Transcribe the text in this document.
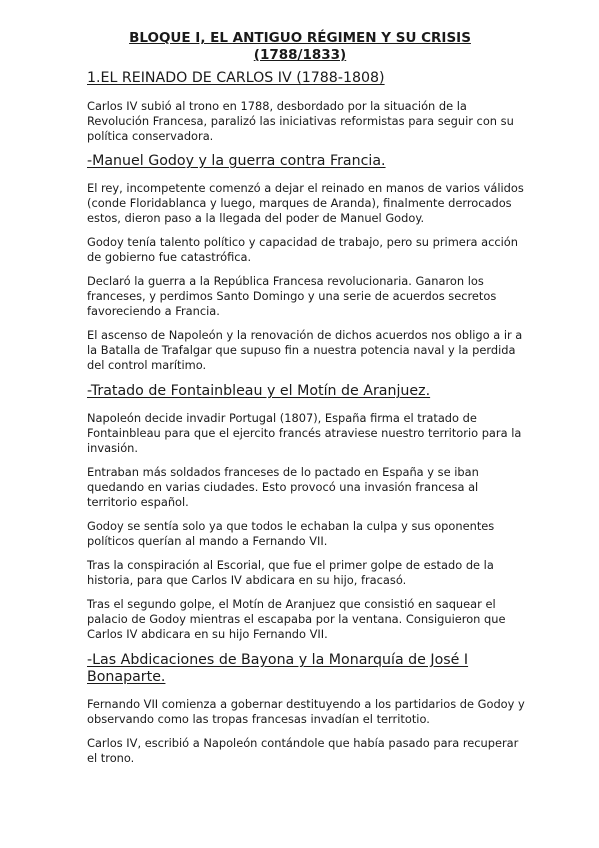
BLOQUE I, EL ANTIGUO RÉGIMEN Y SU CRISIS
(1788/1833)
1.EL REINADO DE CARLOS IV (1788-1808)

Carlos IV subió al trono en 1788, desbordado por la situación de la Revolución Francesa, paralizó las iniciativas reformistas para seguir con su política conservadora.

-Manuel Godoy y la guerra contra Francia.

El rey, incompetente comenzó a dejar el reinado en manos de varios válidos (conde Floridablanca y luego, marques de Aranda), finalmente derrocados estos, dieron paso a la llegada del poder de Manuel Godoy.

Godoy tenía talento político y capacidad de trabajo, pero su primera acción de gobierno fue catastrófica.

Declaró la guerra a la República Francesa revolucionaria. Ganaron los franceses, y perdimos Santo Domingo y una serie de acuerdos secretos favoreciendo a Francia.

El ascenso de Napoleón y la renovación de dichos acuerdos nos obligo a ir a la Batalla de Trafalgar que supuso fin a nuestra potencia naval y la perdida del control marítimo.

-Tratado de Fontainbleau y el Motín de Aranjuez.

Napoleón decide invadir Portugal (1807), España firma el tratado de Fontainbleau para que el ejercito francés atraviese nuestro territorio para la invasión.

Entraban más soldados franceses de lo pactado en España y se iban quedando en varias ciudades. Esto provocó una invasión francesa al territorio español.

Godoy se sentía solo ya que todos le echaban la culpa y sus oponentes políticos querían al mando a Fernando VII.

Tras la conspiración al Escorial, que fue el primer golpe de estado de la historia, para que Carlos IV abdicara en su hijo, fracasó.

Tras el segundo golpe, el Motín de Aranjuez que consistió en saquear el palacio de Godoy mientras el escapaba por la ventana. Consiguieron que Carlos IV abdicara en su hijo Fernando VII.

-Las Abdicaciones de Bayona y la Monarquía de José I Bonaparte.

Fernando VII comienza a gobernar destituyendo a los partidarios de Godoy y observando como las tropas francesas invadían el territotio.

Carlos IV, escribió a Napoleón contándole que había pasado para recuperar el trono.
